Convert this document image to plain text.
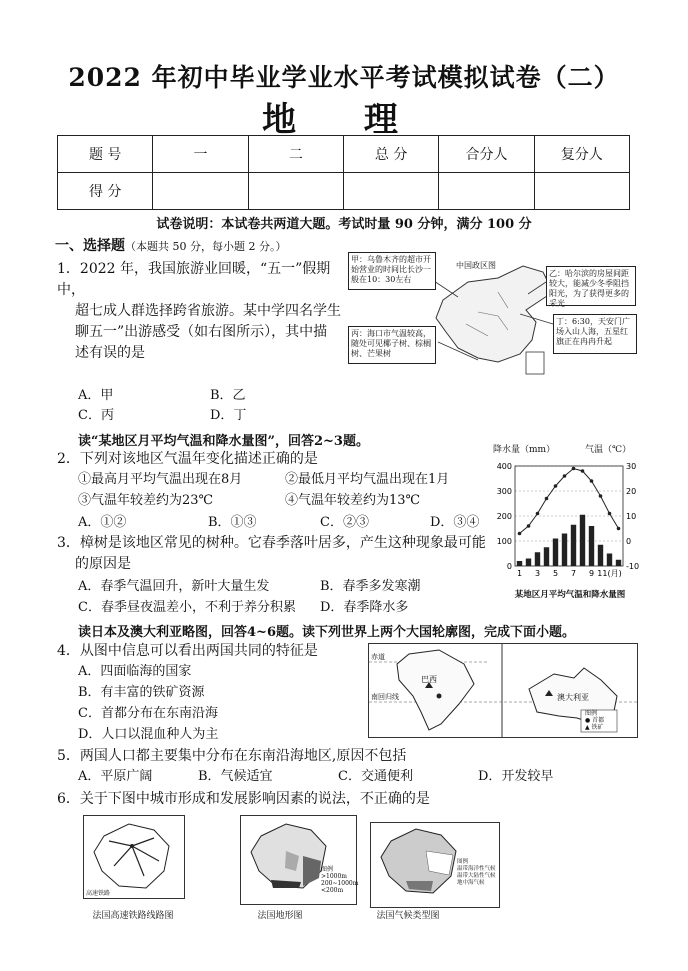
2022 年初中毕业学业水平考试模拟试卷（二）
地 理
题 号	一	二	总 分	合分人	复分人
得 分					
试卷说明：本试卷共两道大题。考试时量 90 分钟，满分 100 分
一、选择题（本题共 50 分，每小题 2 分。）
1．2022 年，我国旅游业回暖，“五一”假期中，
超七成人群选择跨省旅游。某中学四名学生
聊五一”出游感受（如右图所示），其中描
述有误的是
A．甲	B．乙
C．丙	D．丁
中国政区图
甲：乌鲁木齐的超市开始营业的时间比长沙一般在10：30左右
乙：哈尔滨的房屋间距较大，能减少冬季阻挡阳光，为了获得更多的采光
丙：海口市气温较高，随处可见椰子树、棕榈树、芒果树
丁：6:30，天安门广场入山人海，五星红旗正在冉冉升起
读“某地区月平均气温和降水量图”，回答2~3题。
2．下列对该地区气温年变化描述正确的是
①最高月平均气温出现在8月	②最低月平均气温出现在1月
③气温年较差约为23℃	④气温年较差约为13℃
A．①②	B．①③	C．②③	D．③④
0
100
200
300
400
-10
0
10
20
30
1 3 5 7 9 11(月)
降水量（mm）	气温（℃）
某地区月平均气温和降水量图
3．樟树是该地区常见的树种。它春季落叶居多，产生这种现象最可能
的原因是
A．春季气温回升，新叶大量生发	B．春季多发寒潮
C．春季昼夜温差小，不利于养分积累 D．春季降水多
读日本及澳大利亚略图，回答4~6题。读下列世界上两个大国轮廓图，完成下面小题。
4．从图中信息可以看出两国共同的特征是
A．四面临海的国家
B．有丰富的铁矿资源
C．首都分布在东南沿海
D．人口以混血种人为主
巴西
南回归线	澳大利亚
赤道
图例
● 首都
▲ 铁矿
5．两国人口都主要集中分布在东南沿海地区,原因不包括
A．平原广阔	B．气候适宜	C．交通便利	D．开发较早
6．关于下图中城市形成和发展影响因素的说法，不正确的是
高速铁路
法国高速铁路线路图
图例
>1000m
200~1000m
<200m
法国地形图
图例
温带海洋性气候
温带大陆性气候
地中海气候
法国气候类型图
